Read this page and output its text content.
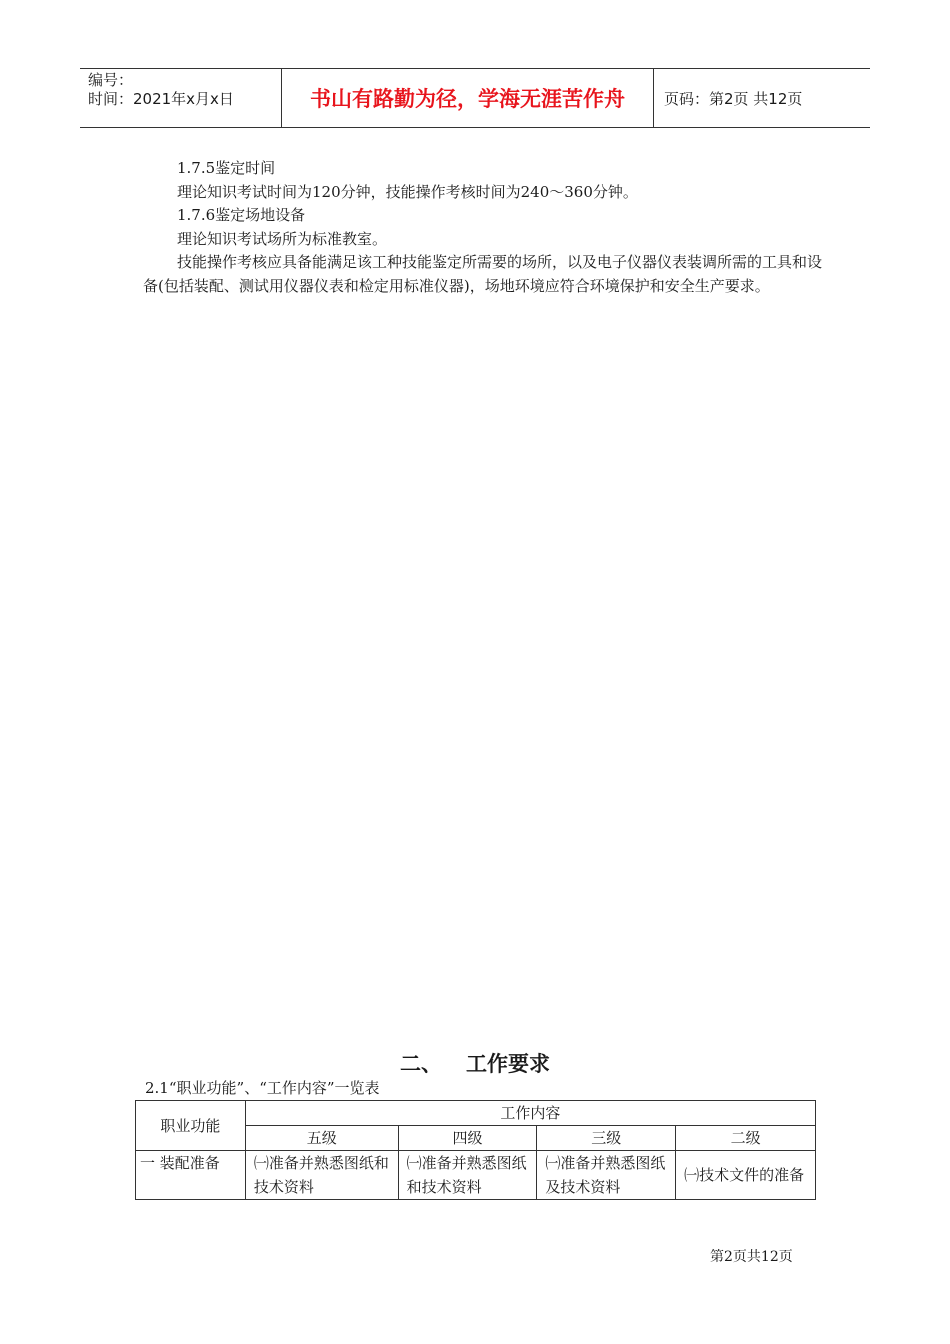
编号：
时间：2021年x月x日	书山有路勤为径，学海无涯苦作舟	页码：第2页 共12页

1.7.5鉴定时间

理论知识考试时间为120分钟，技能操作考核时间为240～360分钟。

1.7.6鉴定场地设备

理论知识考试场所为标准教室。

技能操作考核应具备能满足该工种技能鉴定所需要的场所，以及电子仪器仪表装调所需的工具和设备(包括装配、测试用仪器仪表和检定用标准仪器)，场地环境应符合环境保护和安全生产要求。

二、 工作要求
2.1“职业功能”、“工作内容”一览表
职业功能	工作内容			
	五级	四级	三级	二级
一 装配准备	㈠准备并熟悉图纸和技术资料	㈠准备并熟悉图纸和技术资料	㈠准备并熟悉图纸及技术资料	㈠技术文件的准备
第2页共12页
